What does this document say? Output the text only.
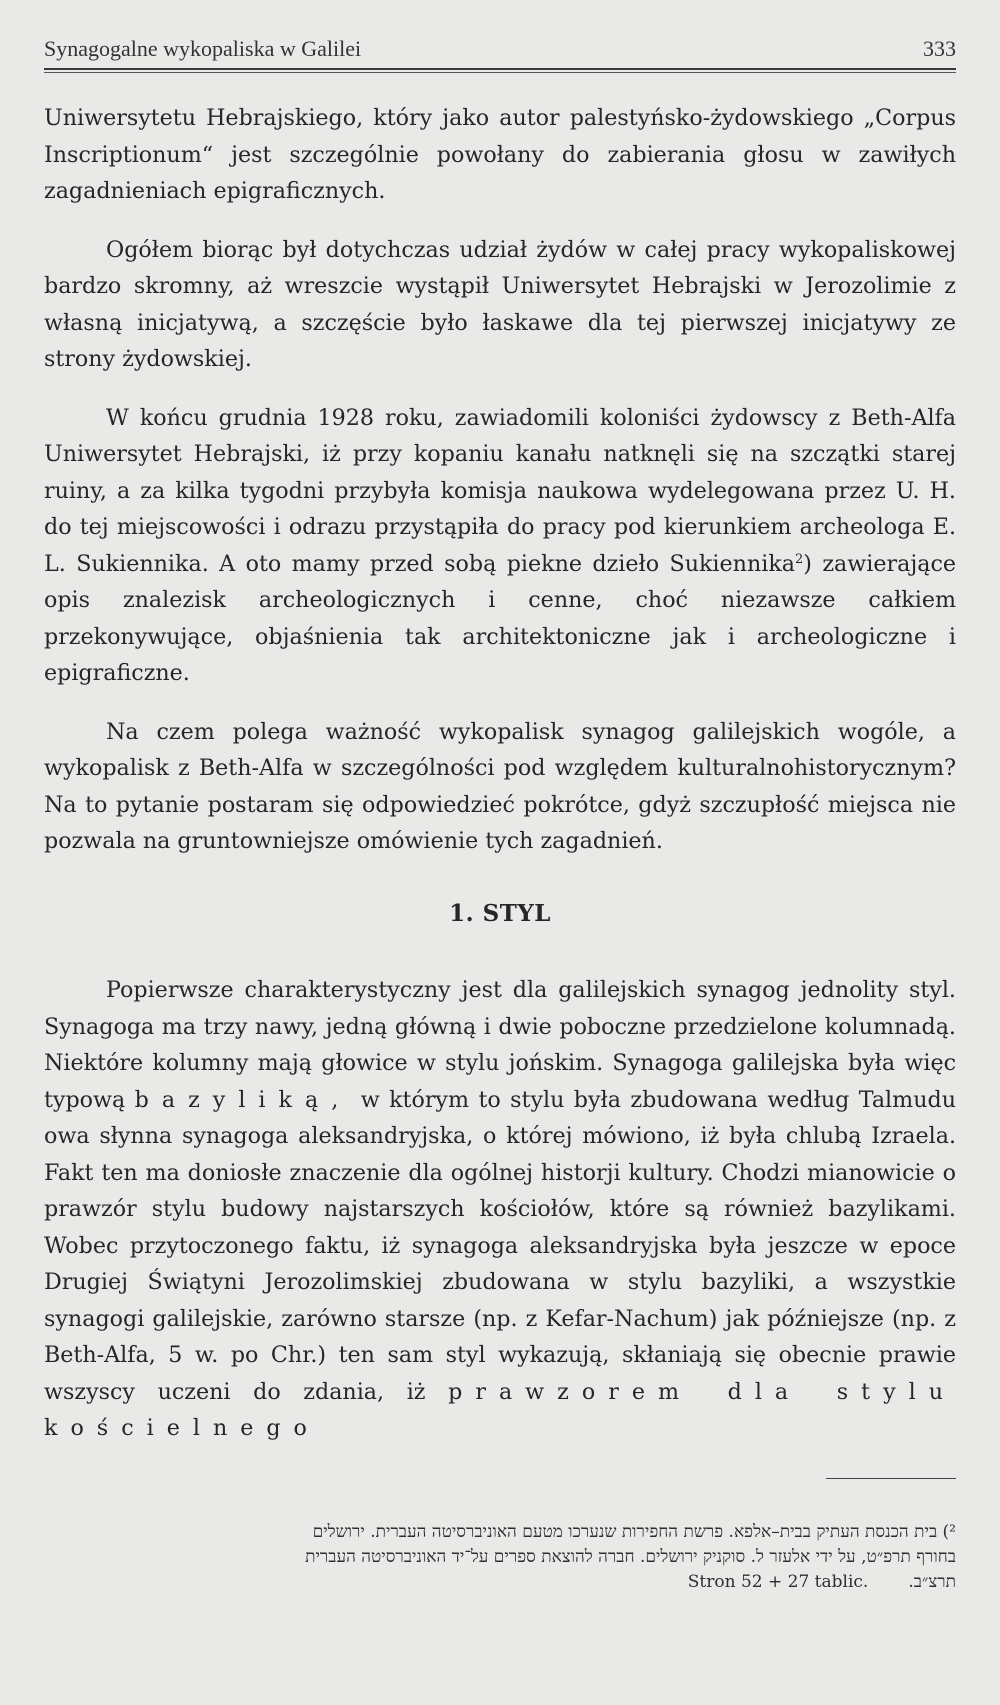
Synagogalne wykopaliska w Galilei	333

Uniwersytetu Hebrajskiego, który jako autor palestyńsko-żydowskiego „Corpus Inscriptionum“ jest szczególnie powołany do zabierania głosu w zawiłych zagadnieniach epigraficznych.

Ogółem biorąc był dotychczas udział żydów w całej pracy wykopaliskowej bardzo skromny, aż wreszcie wystąpił Uniwersytet Hebrajski w Jerozolimie z własną inicjatywą, a szczęście było łaskawe dla tej pierwszej inicjatywy ze strony żydowskiej.

W końcu grudnia 1928 roku, zawiadomili koloniści żydowscy z Beth-Alfa Uniwersytet Hebrajski, iż przy kopaniu kanału natknęli się na szczątki starej ruiny, a za kilka tygodni przybyła komisja naukowa wydelegowana przez U. H. do tej miejscowości i odrazu przystąpiła do pracy pod kierunkiem archeologa E. L. Sukiennika. A oto mamy przed sobą piekne dzieło Sukiennika$^2$) zawierające opis znalezisk archeologicznych i cenne, choć niezawsze całkiem przekonywujące, objaśnienia tak architektoniczne jak i archeologiczne i epigraficzne.

Na czem polega ważność wykopalisk synagog galilejskich wogóle, a wykopalisk z Beth-Alfa w szczególności pod względem kulturalnohistorycznym? Na to pytanie postaram się odpowiedzieć pokrótce, gdyż szczupłość miejsca nie pozwala na gruntowniejsze omówienie tych zagadnień.

1. STYL

Popierwsze charakterystyczny jest dla galilejskich synagog jednolity styl. Synagoga ma trzy nawy, jedną główną i dwie poboczne przedzielone kolumnadą. Niektóre kolumny mają głowice w stylu jońskim. Synagoga galilejska była więc typową bazyliką, w którym to stylu była zbudowana według Talmudu owa słynna synagoga aleksandryjska, o której mówiono, iż była chlubą Izraela. Fakt ten ma doniosłe znaczenie dla ogólnej historji kultury. Chodzi mianowicie o prawzór stylu budowy najstarszych kościołów, które są również bazylikami. Wobec przytoczonego faktu, iż synagoga aleksandryjska była jeszcze w epoce Drugiej Świątyni Jerozolimskiej zbudowana w stylu bazyliki, a wszystkie synagogi galilejskie, zarówno starsze (np. z Kefar-Nachum) jak późniejsze (np. z Beth-Alfa, 5 w. po Chr.) ten sam styl wykazują, skłaniają się obecnie prawie wszyscy uczeni do zdania, iż prawzorem dla stylu kościelnego

²) בית הכנסת העתיק בבית–אלפא. פרשת החפירות שנערכו מטעם האוניברסיטה העברית. ירושלים
בחורף תרפ״ט, על ידי אלעזר ל. סוקניק ירושלים. חברה להוצאת ספרים על־יד האוניברסיטה העברית
Stron 52 + 27 tablic. תרצ״ב.
